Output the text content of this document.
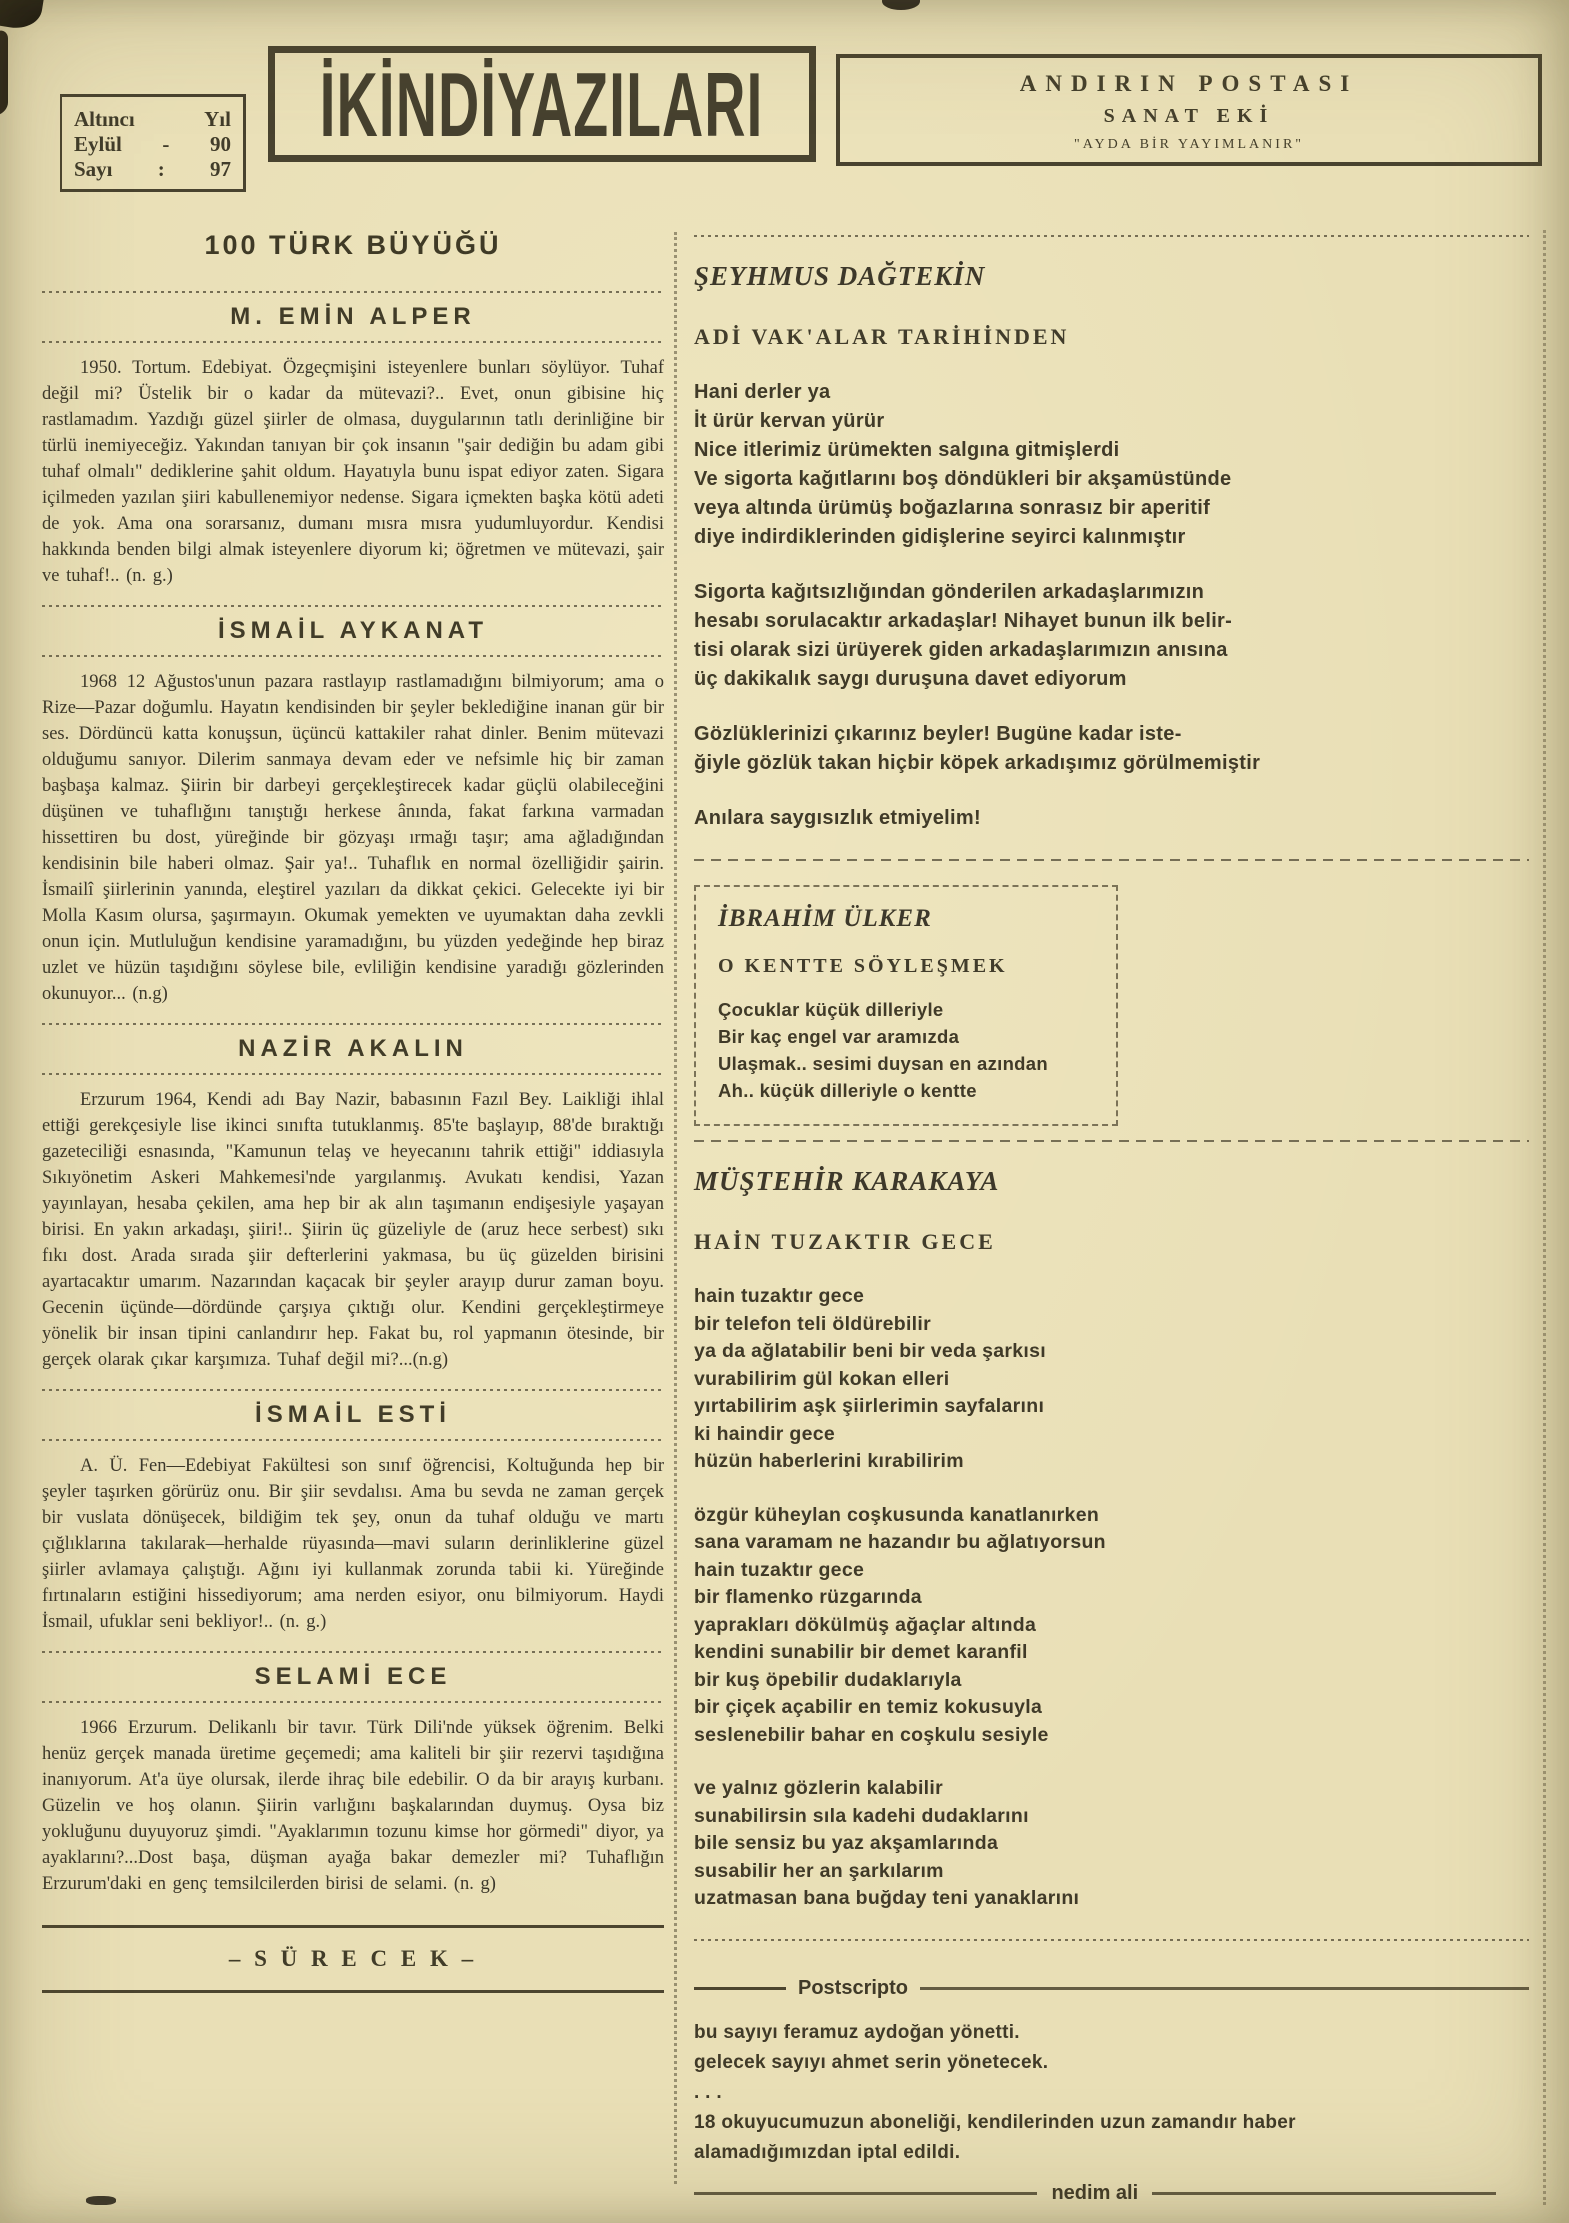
Altıncı	Yıl
Eylül - 90
Sayı : 97
İKİNDİYAZILARI	ANDIRIN POSTASI
SANAT EKİ
"AYDA BİR YAYIMLANIR"
100 TÜRK BÜYÜĞÜ
M. EMİN ALPER

1950. Tortum. Edebiyat. Özgeçmişini isteyenlere bunları söylüyor. Tuhaf değil mi? Üstelik bir o kadar da mütevazi?.. Evet, onun gibisine hiç rastlamadım. Yazdığı güzel şiirler de olmasa, duygularının tatlı derinliğine bir türlü inemiyeceğiz. Yakından tanıyan bir çok insanın "şair dediğin bu adam gibi tuhaf olmalı" dediklerine şahit oldum. Hayatıyla bunu ispat ediyor zaten. Sigara içilmeden yazılan şiiri kabullenemiyor nedense. Sigara içmekten başka kötü adeti de yok. Ama ona sorarsanız, dumanı mısra mısra yudumluyordur. Kendisi hakkında benden bilgi almak isteyenlere diyorum ki; öğretmen ve mütevazi, şair ve tuhaf!.. (n. g.)

İSMAİL AYKANAT

1968 12 Ağustos'unun pazara rastlayıp rastlamadığını bilmiyorum; ama o Rize—Pazar doğumlu. Hayatın kendisinden bir şeyler beklediğine inanan gür bir ses. Dördüncü katta konuşsun, üçüncü kattakiler rahat dinler. Benim mütevazi olduğumu sanıyor. Dilerim sanmaya devam eder ve nefsimle hiç bir zaman başbaşa kalmaz. Şiirin bir darbeyi gerçekleştirecek kadar güçlü olabileceğini düşünen ve tuhaflığını tanıştığı herkese ânında, fakat farkına varmadan hissettiren bu dost, yüreğinde bir gözyaşı ırmağı taşır; ama ağladığından kendisinin bile haberi olmaz. Şair ya!.. Tuhaflık en normal özelliğidir şairin. İsmailî şiirlerinin yanında, eleştirel yazıları da dikkat çekici. Gelecekte iyi bir Molla Kasım olursa, şaşırmayın. Okumak yemekten ve uyumaktan daha zevkli onun için. Mutluluğun kendisine yaramadığını, bu yüzden yedeğinde hep biraz uzlet ve hüzün taşıdığını söylese bile, evliliğin kendisine yaradığı gözlerinden okunuyor... (n.g)

NAZİR AKALIN

Erzurum 1964, Kendi adı Bay Nazir, babasının Fazıl Bey. Laikliği ihlal ettiği gerekçesiyle lise ikinci sınıfta tutuklanmış. 85'te başlayıp, 88'de bıraktığı gazeteciliği esnasında, "Kamunun telaş ve heyecanını tahrik ettiği" iddiasıyla Sıkıyönetim Askeri Mahkemesi'nde yargılanmış. Avukatı kendisi, Yazan yayınlayan, hesaba çekilen, ama hep bir ak alın taşımanın endişesiyle yaşayan birisi. En yakın arkadaşı, şiiri!.. Şiirin üç güzeliyle de (aruz hece serbest) sıkı fıkı dost. Arada sırada şiir defterlerini yakmasa, bu üç güzelden birisini ayartacaktır umarım. Nazarından kaçacak bir şeyler arayıp durur zaman boyu. Gecenin üçünde—dördünde çarşıya çıktığı olur. Kendini gerçekleştirmeye yönelik bir insan tipini canlandırır hep. Fakat bu, rol yapmanın ötesinde, bir gerçek olarak çıkar karşımıza. Tuhaf değil mi?...(n.g)

İSMAİL ESTİ

A. Ü. Fen—Edebiyat Fakültesi son sınıf öğrencisi, Koltuğunda hep bir şeyler taşırken görürüz onu. Bir şiir sevdalısı. Ama bu sevda ne zaman gerçek bir vuslata dönüşecek, bildiğim tek şey, onun da tuhaf olduğu ve martı çığlıklarına takılarak—herhalde rüyasında—mavi suların derinliklerine güzel şiirler avlamaya çalıştığı. Ağını iyi kullanmak zorunda tabii ki. Yüreğinde fırtınaların estiğini hissediyorum; ama nerden esiyor, onu bilmiyorum. Haydi İsmail, ufuklar seni bekliyor!.. (n. g.)

SELAMİ ECE

1966 Erzurum. Delikanlı bir tavır. Türk Dili'nde yüksek öğrenim. Belki henüz gerçek manada üretime geçemedi; ama kaliteli bir şiir rezervi taşıdığına inanıyorum. At'a üye olursak, ilerde ihraç bile edebilir. O da bir arayış kurbanı. Güzelin ve hoş olanın. Şiirin varlığını başkalarından duymuş. Oysa biz yokluğunu duyuyoruz şimdi. "Ayaklarımın tozunu kimse hor görmedi" diyor, ya ayaklarını?...Dost başa, düşman ayağa bakar demezler mi? Tuhaflığın Erzurum'daki en genç temsilcilerden birisi de selami. (n. g)

– S Ü R E C E K –
ŞEYHMUS DAĞTEKİN
ADİ VAK'ALAR TARİHİNDEN
Hani derler ya
İt ürür kervan yürür
Nice itlerimiz ürümekten salgına gitmişlerdi
Ve sigorta kağıtlarını boş döndükleri bir akşamüstünde
veya altında ürümüş boğazlarına sonrasız bir aperitif
diye indirdiklerinden gidişlerine seyirci kalınmıştır
Sigorta kağıtsızlığından gönderilen arkadaşlarımızın
hesabı sorulacaktır arkadaşlar! Nihayet bunun ilk belir-
tisi olarak sizi ürüyerek giden arkadaşlarımızın anısına
üç dakikalık saygı duruşuna davet ediyorum
Gözlüklerinizi çıkarınız beyler! Bugüne kadar iste-
ğiyle gözlük takan hiçbir köpek arkadışımız görülmemiştir
Anılara saygısızlık etmiyelim!
İBRAHİM ÜLKER
O KENTTE SÖYLEŞMEK
Çocuklar küçük dilleriyle
Bir kaç engel var aramızda
Ulaşmak.. sesimi duysan en azından
Ah.. küçük dilleriyle o kentte
MÜŞTEHİR KARAKAYA
HAİN TUZAKTIR GECE
hain tuzaktır gece
bir telefon teli öldürebilir
ya da ağlatabilir beni bir veda şarkısı
vurabilirim gül kokan elleri
yırtabilirim aşk şiirlerimin sayfalarını
ki haindir gece
hüzün haberlerini kırabilirim
özgür küheylan coşkusunda kanatlanırken
sana varamam ne hazandır bu ağlatıyorsun
hain tuzaktır gece
bir flamenko rüzgarında
yaprakları dökülmüş ağaçlar altında
kendini sunabilir bir demet karanfil
bir kuş öpebilir dudaklarıyla
bir çiçek açabilir en temiz kokusuyla
seslenebilir bahar en coşkulu sesiyle
ve yalnız gözlerin kalabilir
sunabilirsin sıla kadehi dudaklarını
bile sensiz bu yaz akşamlarında
susabilir her an şarkılarım
uzatmasan bana buğday teni yanaklarını
Postscripto
bu sayıyı feramuz aydoğan yönetti.
gelecek sayıyı ahmet serin yönetecek.
. . .
18 okuyucumuzun aboneliği, kendilerinden uzun zamandır haber alamadığımızdan iptal edildi.
nedim ali
